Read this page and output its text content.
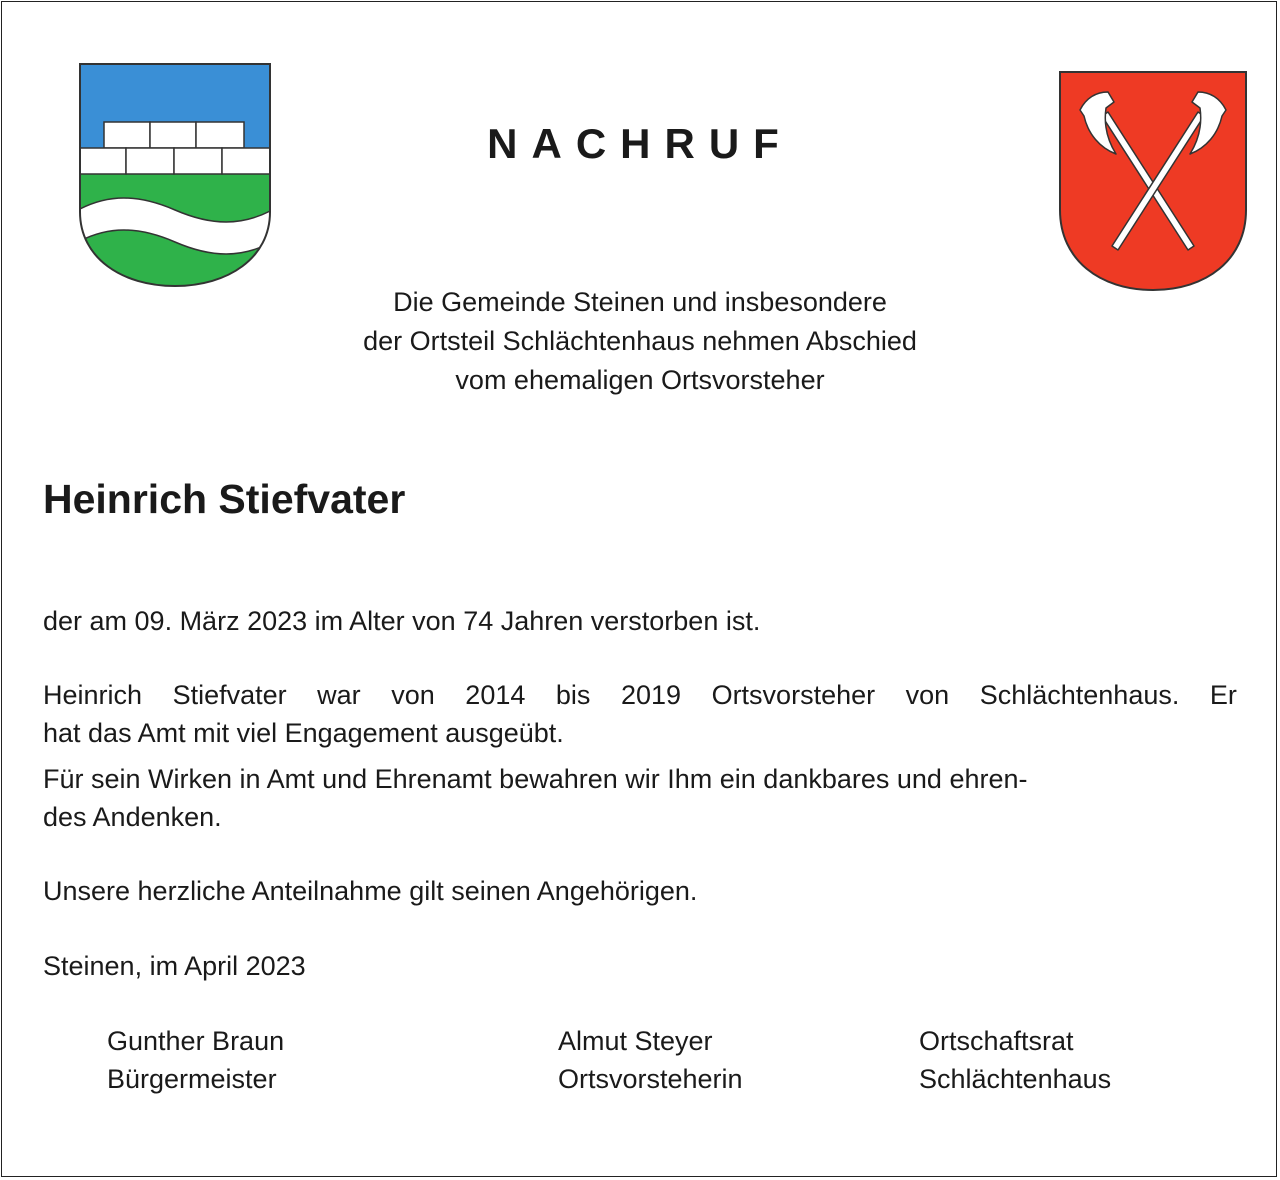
NACHRUF
Die Gemeinde Steinen und insbesondere
der Ortsteil Schlächtenhaus nehmen Abschied
vom ehemaligen Ortsvorsteher
Heinrich Stiefvater
der am 09. März 2023 im Alter von 74 Jahren verstorben ist.
Heinrich Stiefvater war von 2014 bis 2019 Ortsvorsteher von Schlächtenhaus. Er
hat das Amt mit viel Engagement ausgeübt.
Für sein Wirken in Amt und Ehrenamt bewahren wir Ihm ein dankbares und ehren-
des Andenken.
Unsere herzliche Anteilnahme gilt seinen Angehörigen.
Steinen, im April 2023
Gunther Braun
Bürgermeister
Almut Steyer
Ortsvorsteherin
Ortschaftsrat
Schlächtenhaus
